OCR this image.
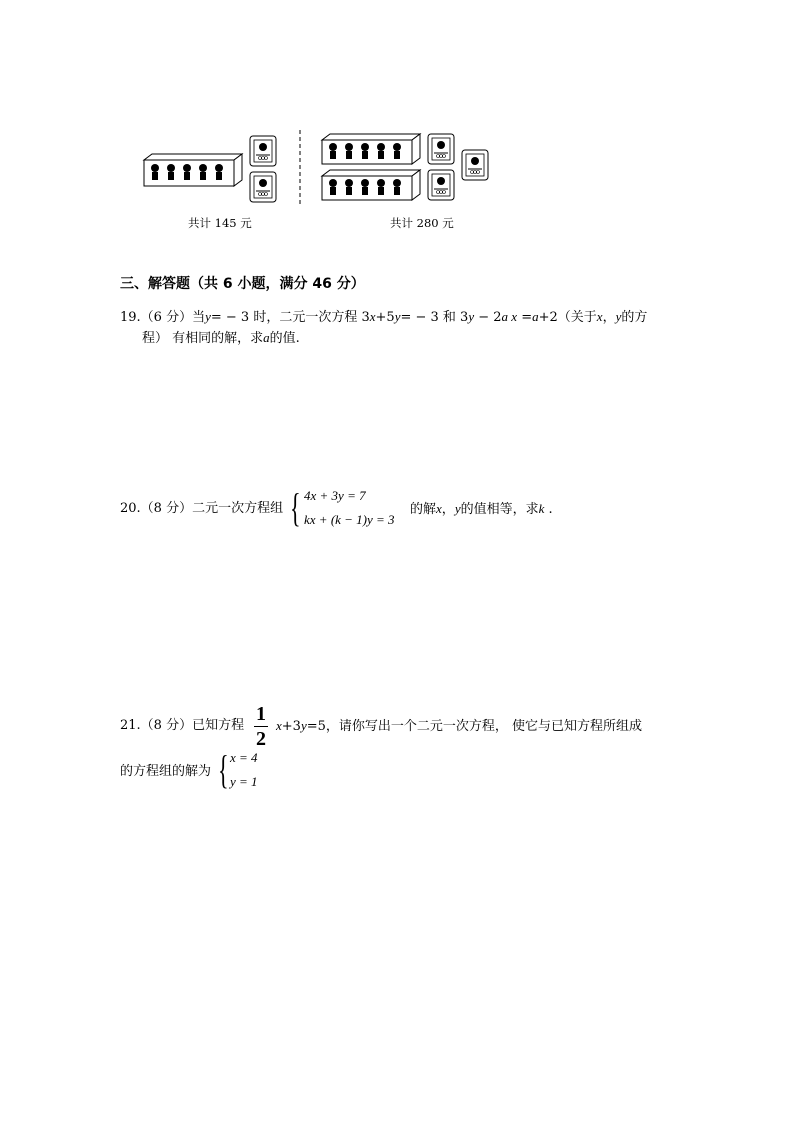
共计 145 元	共计 280 元
三、解答题（共 6 小题，满分 46 分）
19.（6 分）当y= − 3 时，二元一次方程 3x+5y= − 3 和 3y − 2a x =a+2（关于x，y的方
程） 有相同的解，求a的值.
20.（8 分）二元一次方程组 { 4x + 3y = 7
kx + (k − 1)y = 3
的解x，y的值相等，求k .
21.（8 分）已知方程
1
2
x+3y=5，请你写出一个二元一次方程， 使它与已知方程所组成
的方程组的解为 { x = 4
y = 1
